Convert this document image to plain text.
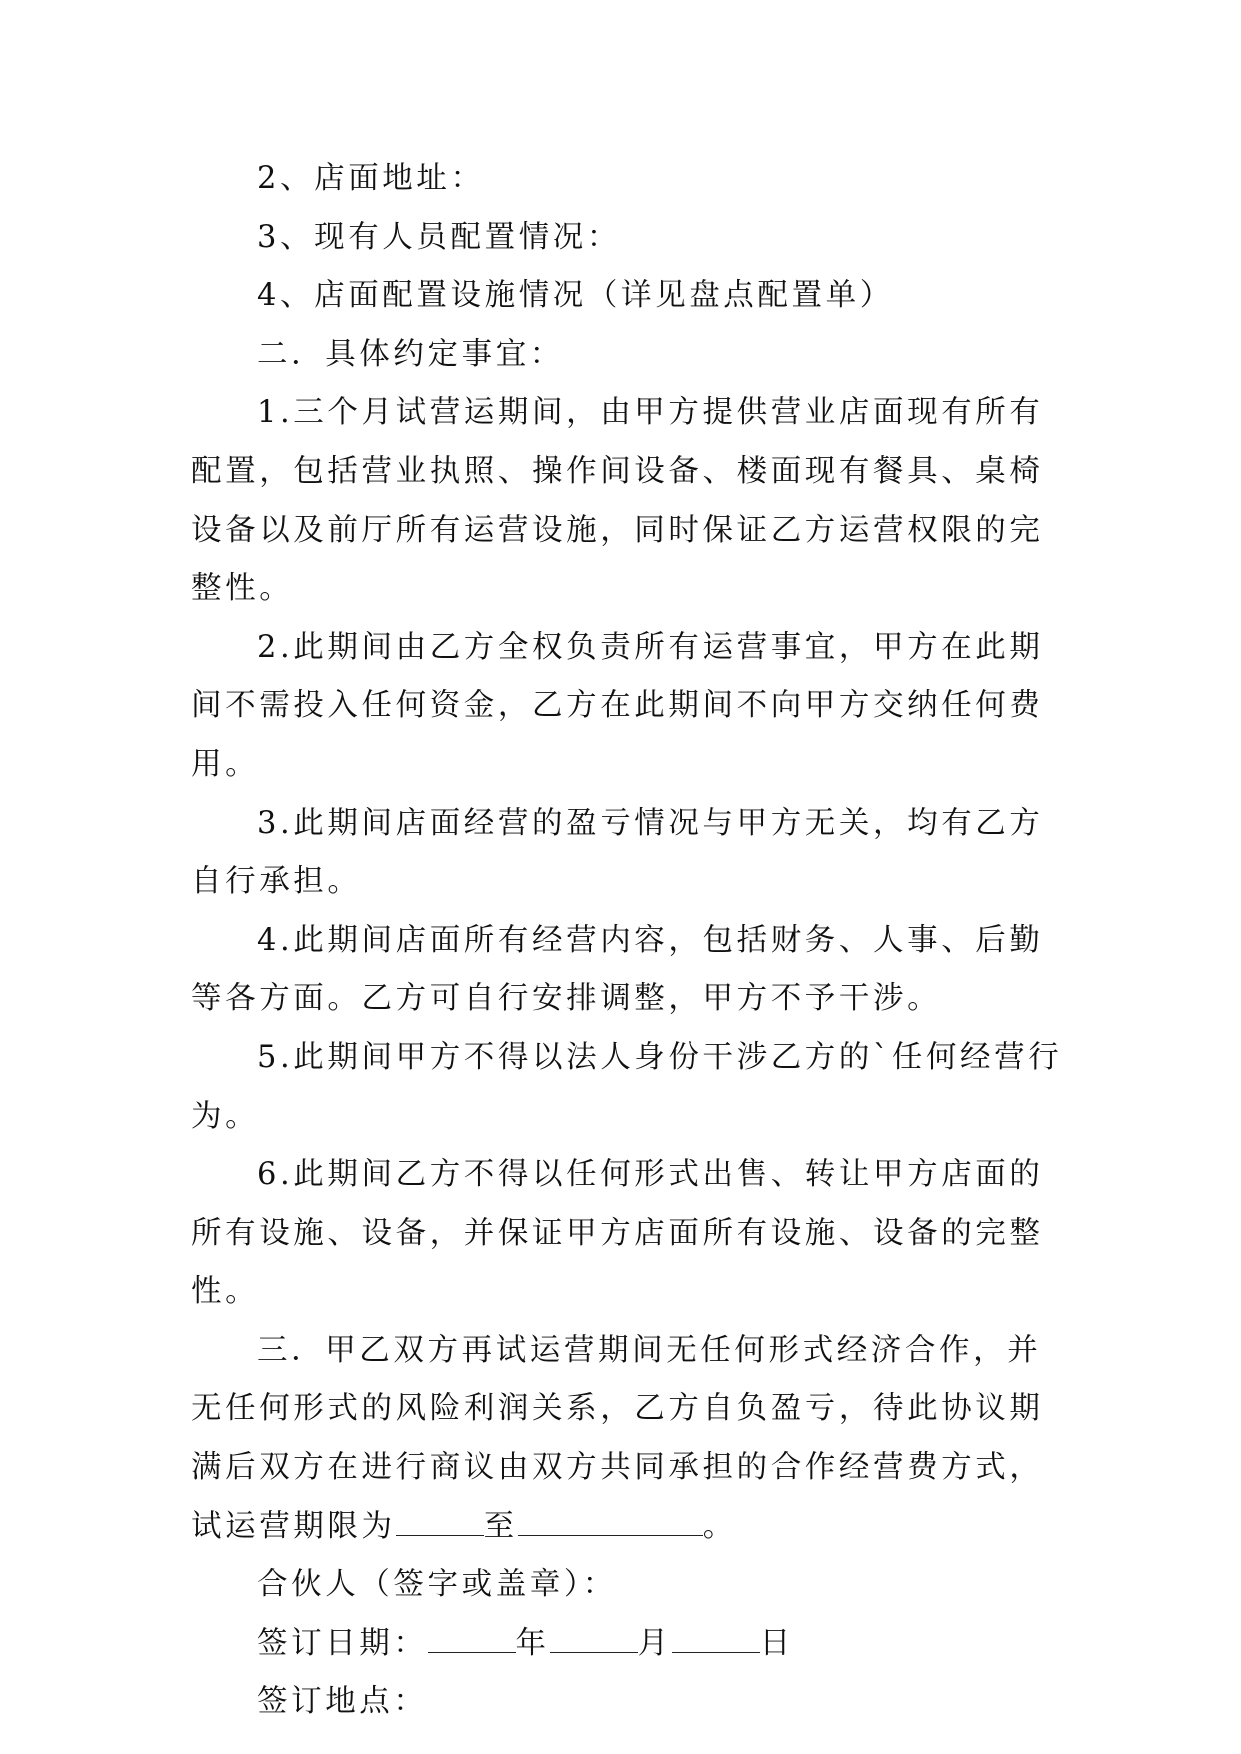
2、店面地址：

3、现有人员配置情况：

4、店面配置设施情况（详见盘点配置单）

二．具体约定事宜：

1.三个月试营运期间，由甲方提供营业店面现有所有配置，包括营业执照、操作间设备、楼面现有餐具、桌椅设备以及前厅所有运营设施，同时保证乙方运营权限的完整性。

2.此期间由乙方全权负责所有运营事宜，甲方在此期间不需投入任何资金，乙方在此期间不向甲方交纳任何费用。

3.此期间店面经营的盈亏情况与甲方无关，均有乙方自行承担。

4.此期间店面所有经营内容，包括财务、人事、后勤等各方面。乙方可自行安排调整，甲方不予干涉。

5.此期间甲方不得以法人身份干涉乙方的`任何经营行为。

6.此期间乙方不得以任何形式出售、转让甲方店面的所有设施、设备，并保证甲方店面所有设施、设备的完整性。

三．甲乙双方再试运营期间无任何形式经济合作，并无任何形式的风险利润关系，乙方自负盈亏，待此协议期满后双方在进行商议由双方共同承担的合作经营费方式，试运营期限为	至	。

合伙人（签字或盖章）：

签订日期：	年	月	日

签订地点：
